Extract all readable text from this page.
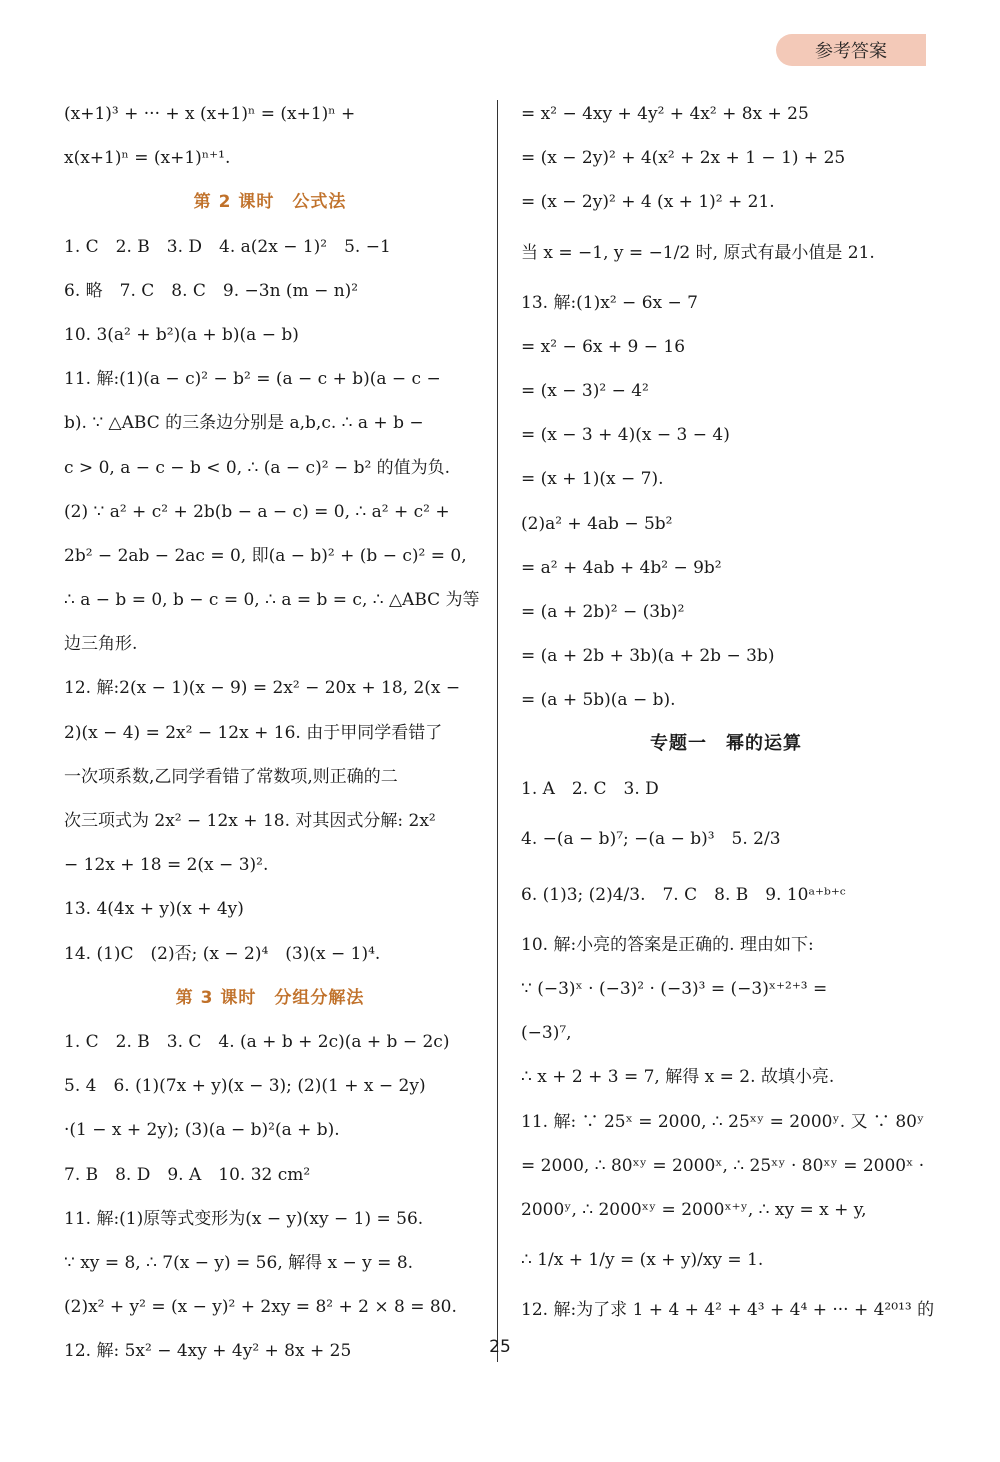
参考答案
(x+1)³ + ··· + x (x+1)ⁿ = (x+1)ⁿ +
x(x+1)ⁿ = (x+1)ⁿ⁺¹.
第 2 课时　公式法
1. C　2. B　3. D　4. a(2x − 1)²　5. −1
6. 略　7. C　8. C　9. −3n (m − n)²
10. 3(a² + b²)(a + b)(a − b)
11. 解:(1)(a − c)² − b² = (a − c + b)(a − c −
b). ∵ △ABC 的三条边分别是 a,b,c. ∴ a + b −
c > 0, a − c − b < 0, ∴ (a − c)² − b² 的值为负.
(2) ∵ a² + c² + 2b(b − a − c) = 0, ∴ a² + c² +
2b² − 2ab − 2ac = 0, 即(a − b)² + (b − c)² = 0,
∴ a − b = 0, b − c = 0, ∴ a = b = c, ∴ △ABC 为等
边三角形.
12. 解:2(x − 1)(x − 9) = 2x² − 20x + 18, 2(x −
2)(x − 4) = 2x² − 12x + 16. 由于甲同学看错了
一次项系数,乙同学看错了常数项,则正确的二
次三项式为 2x² − 12x + 18. 对其因式分解: 2x²
− 12x + 18 = 2(x − 3)².
13. 4(4x + y)(x + 4y)
14. (1)C　(2)否; (x − 2)⁴　(3)(x − 1)⁴.
第 3 课时　分组分解法
1. C　2. B　3. C　4. (a + b + 2c)(a + b − 2c)
5. 4　6. (1)(7x + y)(x − 3); (2)(1 + x − 2y)
·(1 − x + 2y); (3)(a − b)²(a + b).
7. B　8. D　9. A　10. 32 cm²
11. 解:(1)原等式变形为(x − y)(xy − 1) = 56.
∵ xy = 8, ∴ 7(x − y) = 56, 解得 x − y = 8.
(2)x² + y² = (x − y)² + 2xy = 8² + 2 × 8 = 80.
12. 解: 5x² − 4xy + 4y² + 8x + 25
= x² − 4xy + 4y² + 4x² + 8x + 25
= (x − 2y)² + 4(x² + 2x + 1 − 1) + 25
= (x − 2y)² + 4 (x + 1)² + 21.
当 x = −1, y = −1/2 时, 原式有最小值是 21.
13. 解:(1)x² − 6x − 7
= x² − 6x + 9 − 16
= (x − 3)² − 4²
= (x − 3 + 4)(x − 3 − 4)
= (x + 1)(x − 7).
(2)a² + 4ab − 5b²
= a² + 4ab + 4b² − 9b²
= (a + 2b)² − (3b)²
= (a + 2b + 3b)(a + 2b − 3b)
= (a + 5b)(a − b).
专题一　幂的运算
1. A　2. C　3. D
4. −(a − b)⁷; −(a − b)³　5. 2/3
6. (1)3; (2)4/3.　7. C　8. B　9. 10ᵃ⁺ᵇ⁺ᶜ
10. 解:小亮的答案是正确的. 理由如下:
∵ (−3)ˣ · (−3)² · (−3)³ = (−3)ˣ⁺²⁺³ =
(−3)⁷,
∴ x + 2 + 3 = 7, 解得 x = 2. 故填小亮.
11. 解: ∵ 25ˣ = 2000, ∴ 25ˣʸ = 2000ʸ. 又 ∵ 80ʸ
= 2000, ∴ 80ˣʸ = 2000ˣ, ∴ 25ˣʸ · 80ˣʸ = 2000ˣ ·
2000ʸ, ∴ 2000ˣʸ = 2000ˣ⁺ʸ, ∴ xy = x + y,
∴ 1/x + 1/y = (x + y)/xy = 1.
12. 解:为了求 1 + 4 + 4² + 4³ + 4⁴ + ··· + 4²⁰¹³ 的
25
